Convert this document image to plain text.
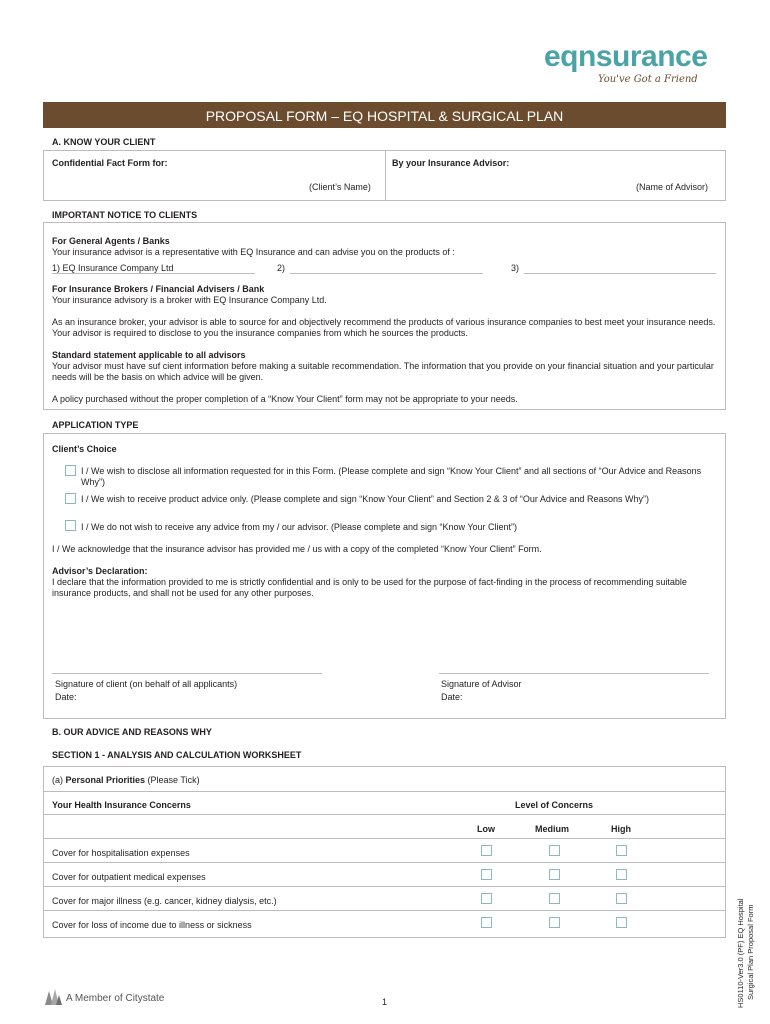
eqnsurance
You've Got a Friend
PROPOSAL FORM – EQ HOSPITAL & SURGICAL PLAN
A. KNOW YOUR CLIENT
Confidential Fact Form for:	By your Insurance Advisor:
(Client’s Name)	(Name of Advisor)
IMPORTANT NOTICE TO CLIENTS
For General Agents / Banks
Your insurance advisor is a representative with EQ Insurance and can advise you on the products of :
1) EQ Insurance Company Ltd	2)	3)
For Insurance Brokers / Financial Advisers / Bank
Your insurance advisory is a broker with EQ Insurance Company Ltd.
As an insurance broker, your advisor is able to source for and objectively recommend the products of various insurance companies to best meet your insurance needs. Your advisor is required to disclose to you the insurance companies from which he sources the products.
Standard statement applicable to all advisors
Your advisor must have suf cient information before making a suitable recommendation. The information that you provide on your financial situation and your particular needs will be the basis on which advice will be given.
A policy purchased without the proper completion of a “Know Your Client” form may not be appropriate to your needs.
APPLICATION TYPE
Client’s Choice
I / We wish to disclose all information requested for in this Form. (Please complete and sign “Know Your Client” and all sections of “Our Advice and Reasons Why”)
I / We wish to receive product advice only. (Please complete and sign “Know Your Client” and Section 2 & 3 of “Our Advice and Reasons Why”)
I / We do not wish to receive any advice from my / our advisor. (Please complete and sign “Know Your Client”)
I / We acknowledge that the insurance advisor has provided me / us with a copy of the completed “Know Your Client” Form.
Advisor’s Declaration:
I declare that the information provided to me is strictly confidential and is only to be used for the purpose of fact-finding in the process of recommending suitable insurance products, and shall not be used for any other purposes.
Signature of client (on behalf of all applicants)	Signature of Advisor
Date:	Date:
B. OUR ADVICE AND REASONS WHY
SECTION 1 - ANALYSIS AND CALCULATION WORKSHEET
(a) Personal Priorities (Please Tick)
Your Health Insurance Concerns	Level of Concerns
Low	Medium	High
Cover for hospitalisation expenses
Cover for outpatient medical expenses
Cover for major illness (e.g. cancer, kidney dialysis, etc.)
Cover for loss of income due to illness or sickness	HS0110-Ver3.0 (PF) EQ Hospital Surgical Plan Proposal Form
A Member of Citystate	1
